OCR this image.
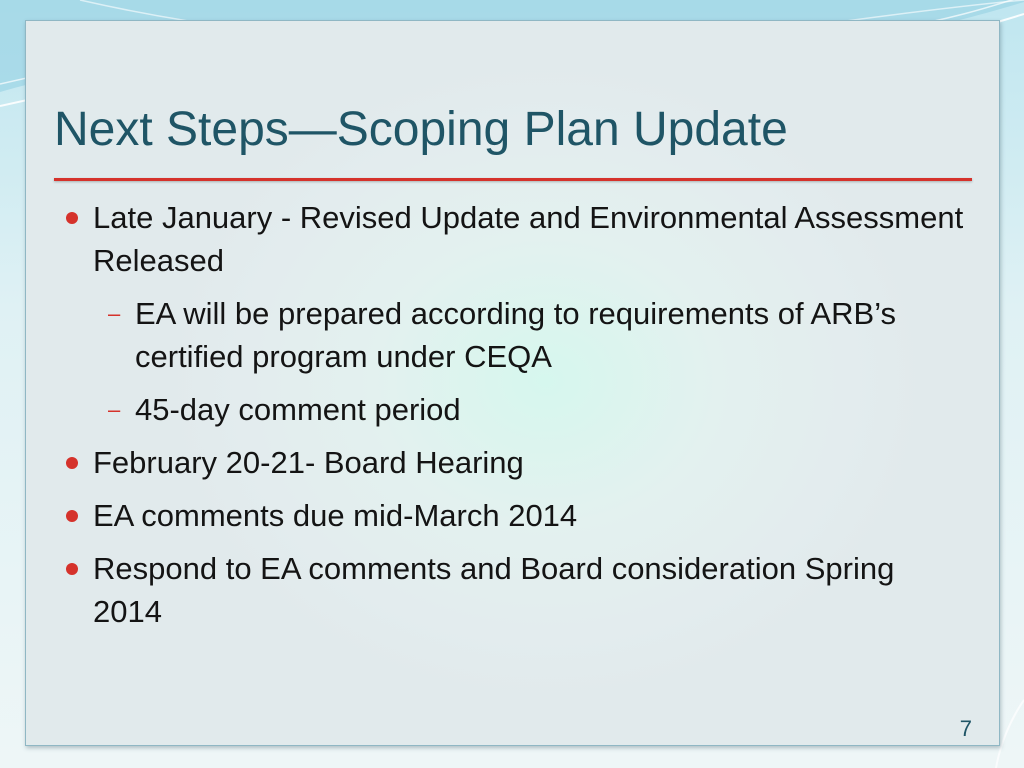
Next Steps—Scoping Plan Update
Late January - Revised Update and Environmental Assessment Released
– EA will be prepared according to requirements of ARB’s certified program under CEQA
– 45-day comment period
February 20-21- Board Hearing
EA comments due mid-March 2014
Respond to EA comments and Board consideration Spring 2014
7
